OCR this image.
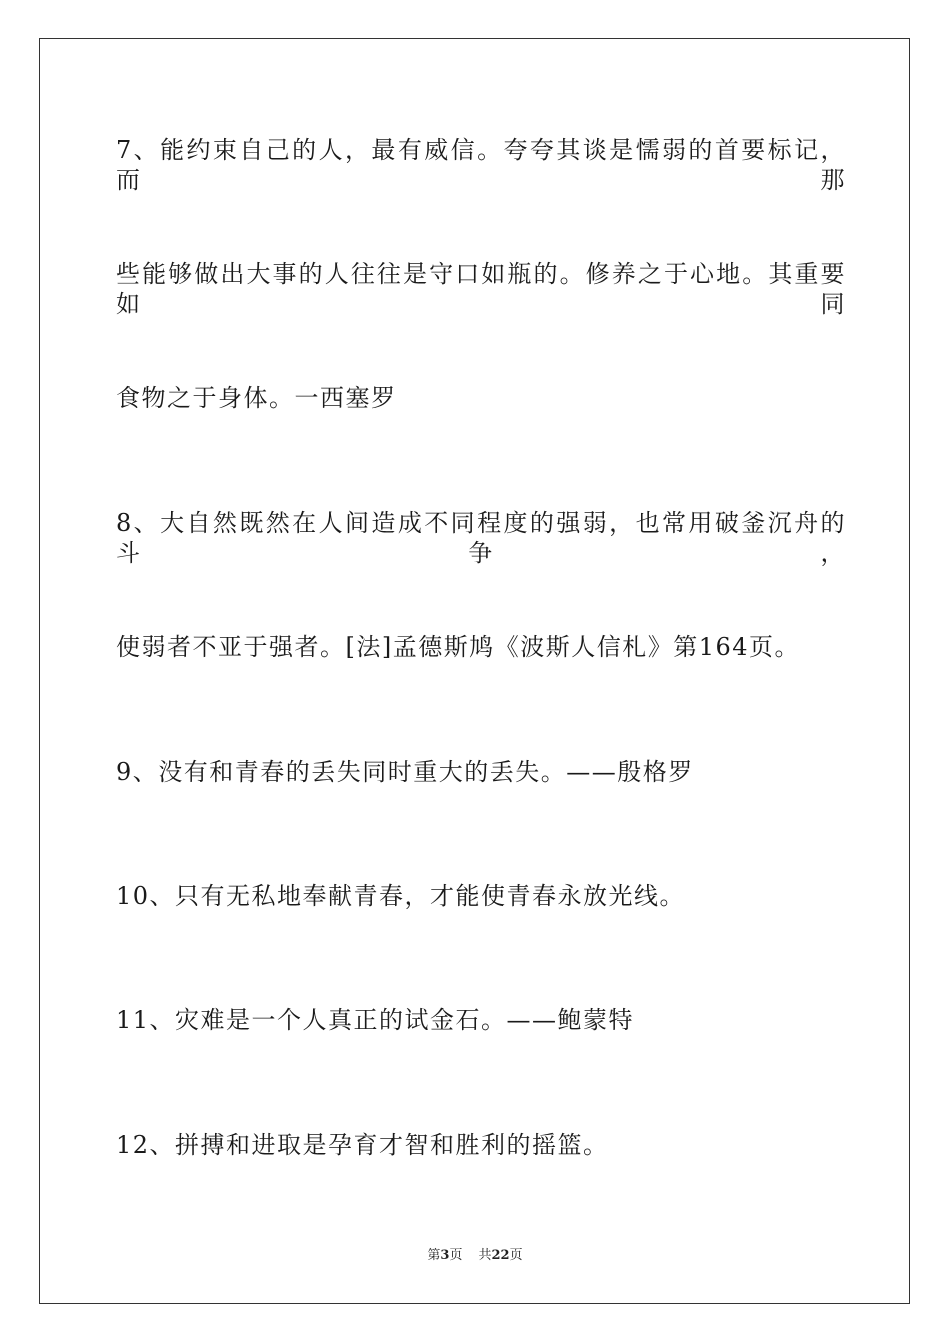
7、能约束自己的人，最有威信。夸夸其谈是懦弱的首要标记，而那
些能够做出大事的人往往是守口如瓶的。修养之于心地。其重要如同
食物之于身体。一西塞罗
8、大自然既然在人间造成不同程度的强弱，也常用破釜沉舟的斗争，
使弱者不亚于强者。[法]孟德斯鸠《波斯人信札》第164页。
9、没有和青春的丢失同时重大的丢失。——殷格罗
10、只有无私地奉献青春，才能使青春永放光线。
11、灾难是一个人真正的试金石。——鲍蒙特
12、拼搏和进取是孕育才智和胜利的摇篮。
第3页 共22页
